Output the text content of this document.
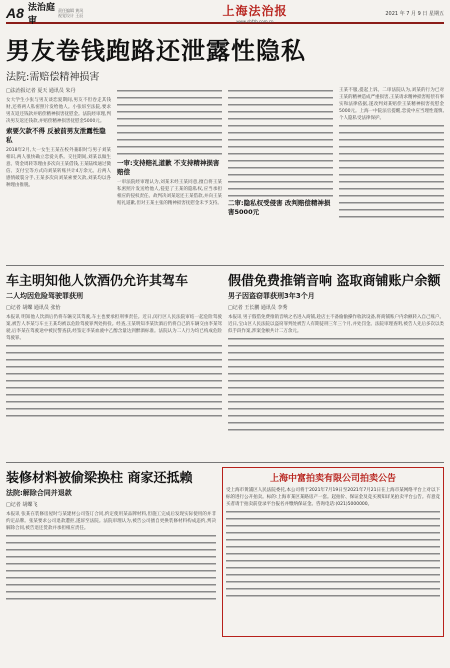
A8 法治庭审
责任编辑 黄风
视觉设计 王辰	上海法治报
www.shfzb.com.cn
2021 年 7 月 9 日 星期五
男友卷钱跑路还泄露性隐私
法院:需赔偿精神损害
□法治报记者 夏天 通讯员 朱丹
女大学生小张与男友谈恋爱期间,男友不但卷走其钱财,还将两人私密照片发给他人。小张诉至法院,要求男友返还钱款并赔偿精神损害抚慰金。法院经审理,判决男友返还钱款,并赔偿精神损害抚慰金5000元。
索要欠款不得 反被前男友泄露性隐私
2018年2月,大一女生王某在校外兼职时与男子刘某相识,两人很快确立恋爱关系。交往期间,刘某以做生意、资金周转等理由多次向王某借钱,王某陆续通过微信、支付宝等方式向刘某转账共计4万余元。后两人感情破裂分手,王某多次向刘某索要欠款,刘某均以各种理由推脱。
一审:支持赔礼道歉 不支持精神损害赔偿
一审法院经审理认为,刘某未经王某同意,擅自将王某私密照片发送给他人,侵犯了王某的隐私权,应当承担相应的侵权责任。故判决刘某返还王某借款,并向王某赔礼道歉,但对王某主张的精神损害抚慰金未予支持。 二审:隐私权受侵害 改判赔偿精神损害5000元
王某不服,提起上诉。二审法院认为,刘某的行为已对王某的精神造成严重损害,王某请求精神损害赔偿有事实和法律依据,遂改判刘某赔偿王某精神损害抚慰金5000元。上海一中院法官提醒,恋爱中应当理性谨慎,个人隐私受法律保护。
车主明知他人饮酒仍允许其驾车
二人均因危险驾驶罪获刑
□记者 胡蝶 通讯员 张怡
本报讯 明知他人饮酒后仍将车辆交其驾驶,车主也要承担刑事责任。近日,闵行区人民法院审结一起危险驾驶案,被告人李某与车主王某均被以危险驾驶罪判处拘役。经查,王某明知李某饮酒后仍将自己的车辆交由李某驾驶,后李某在驾驶途中被民警查获,经鉴定李某血液中乙醇含量达到醉酒标准。法院认为二人行为均已构成危险驾驶罪。
假借免费推销音响 盗取商铺账户余额
男子因盗窃罪获刑3年3个月
□记者 王长鹏 通讯员 李秀
本报讯 男子假借免费推销音响之名进入商铺,趁店主不备偷偷操作收款设备,将商铺账户内余额转入自己账户。近日,宝山区人民法院以盗窃罪判处被告人有期徒刑三年三个月,并处罚金。法院审理查明,被告人先后多次以类似手段作案,涉案金额共计二万余元。
装修材料被偷梁换柱 商家还抵赖
法院:解除合同并退款
□记者 胡蝶飞
本报讯 张某在装修房屋时与某建材公司签订合同,约定使用某品牌材料,但施工完成后发现实际使用的并非约定品牌。张某要求公司退款遭拒,遂诉至法院。法院审理认为,被告公司擅自更换装修材料构成违约,判决解除合同,被告退还货款并承担相应责任。
上海中富拍卖有限公司拍卖公告
受上海市黄浦区人民法院委托,本公司将于2021年7月19日至2021年7月21日在上海市某网络平台上对以下标的进行公开拍卖。标的:上海市某区某路房产一套。起拍价、保证金及竞买须知详见拍卖平台公告。有意竞买者请于拍卖前登录平台报名并缴纳保证金。咨询电话:(021)5000000。
